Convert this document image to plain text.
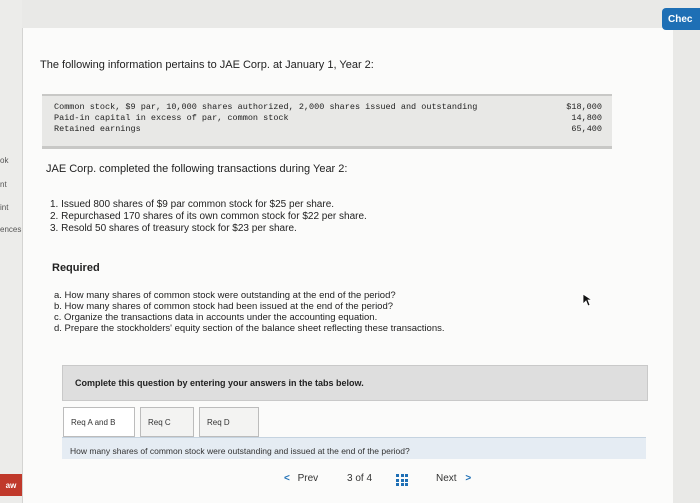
ok
nt
int
ences
aw
Chec
The following information pertains to JAE Corp. at January 1, Year 2:
Common stock, $9 par, 10,000 shares authorized, 2,000 shares issued and outstanding	$18,000
Paid-in capital in excess of par, common stock	14,800
Retained earnings	65,400
JAE Corp. completed the following transactions during Year 2:
1. Issued 800 shares of $9 par common stock for $25 per share.
2. Repurchased 170 shares of its own common stock for $22 per share.
3. Resold 50 shares of treasury stock for $23 per share.
Required
a. How many shares of common stock were outstanding at the end of the period?
b. How many shares of common stock had been issued at the end of the period?
c. Organize the transactions data in accounts under the accounting equation.
d. Prepare the stockholders' equity section of the balance sheet reflecting these transactions.
Complete this question by entering your answers in the tabs below.
Req A and B	Req C	Req D
How many shares of common stock were outstanding and issued at the end of the period?
< Prev	3 of 4	Next >
